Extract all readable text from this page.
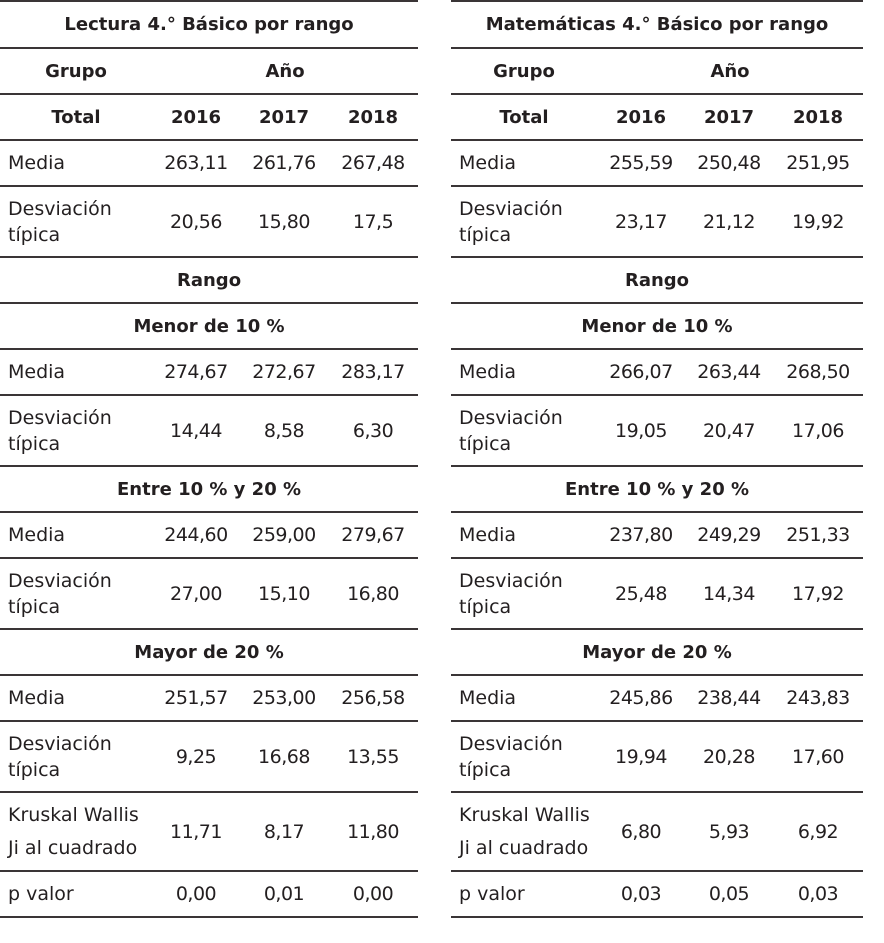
Lectura 4.° Básico por rango			
Grupo	Año		
Total	2016	2017	2018
Media	263,11	261,76	267,48
Desviación
típica	20,56	15,80	17,5
Rango			
Menor de 10 %			
Media	274,67	272,67	283,17
Desviación
típica	14,44	8,58	6,30
Entre 10 % y 20 %			
Media	244,60	259,00	279,67
Desviación
típica	27,00	15,10	16,80
Mayor de 20 %			
Media	251,57	253,00	256,58
Desviación
típica	9,25	16,68	13,55

Kruskal Wallis
Ji al cuadrado	11,71	8,17	11,80
p valor	0,00	0,01	0,00
Matemáticas 4.° Básico por rango			
Grupo	Año		
Total	2016	2017	2018
Media	255,59	250,48	251,95
Desviación
típica	23,17	21,12	19,92
Rango			
Menor de 10 %			
Media	266,07	263,44	268,50
Desviación
típica	19,05	20,47	17,06
Entre 10 % y 20 %			
Media	237,80	249,29	251,33
Desviación
típica	25,48	14,34	17,92
Mayor de 20 %			
Media	245,86	238,44	243,83
Desviación
típica	19,94	20,28	17,60

Kruskal Wallis
Ji al cuadrado	6,80	5,93	6,92
p valor	0,03	0,05	0,03
